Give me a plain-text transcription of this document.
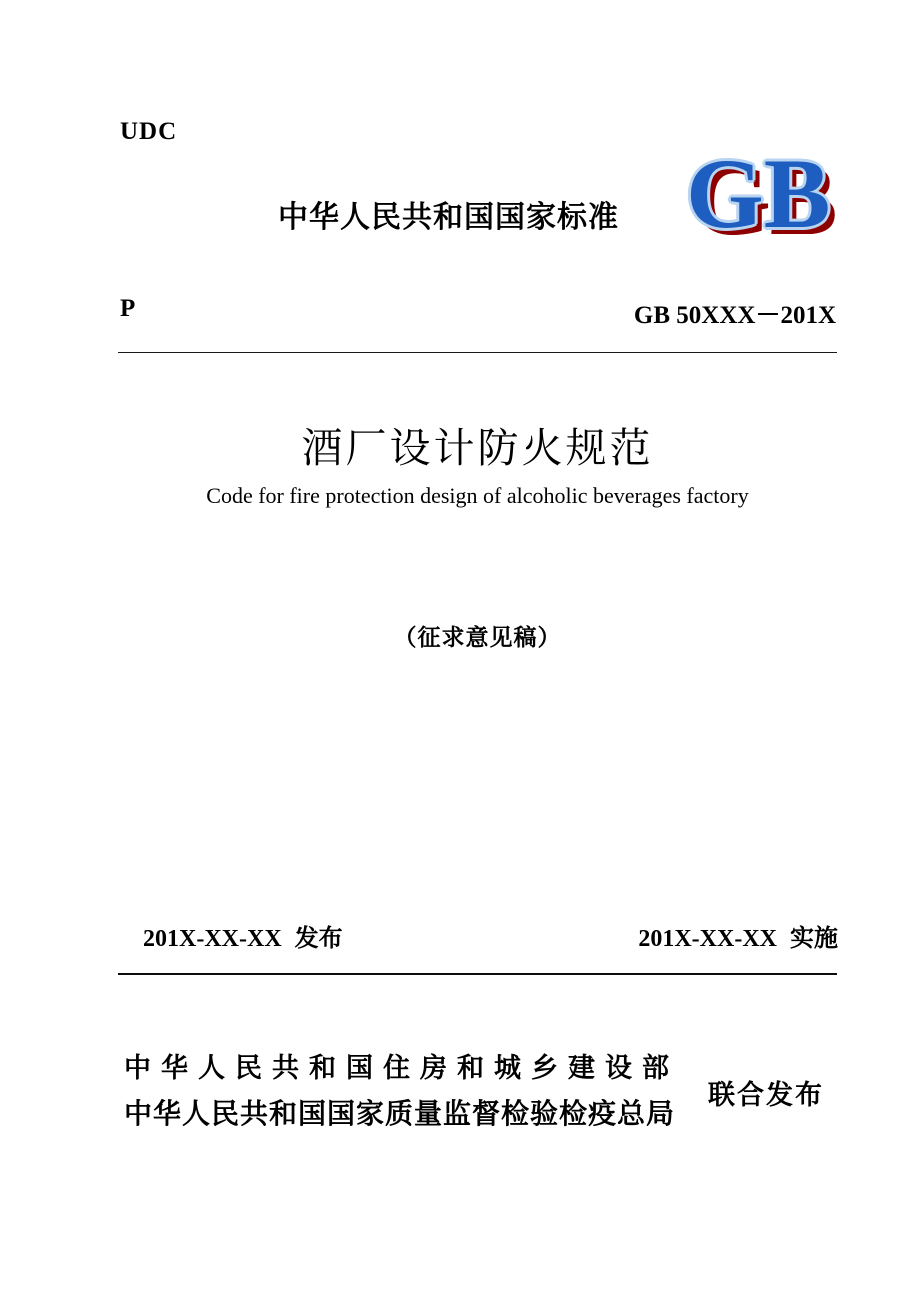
UDC
中华人民共和国国家标准 GB
P	GB 50XXX－201X
酒厂设计防火规范
Code for fire protection design of alcoholic beverages factory
（征求意见稿）
201X-XX-XX 发布	201X-XX-XX 实施
中华人民共和国住房和城乡建设部
中华人民共和国国家质量监督检验检疫总局
联合发布
